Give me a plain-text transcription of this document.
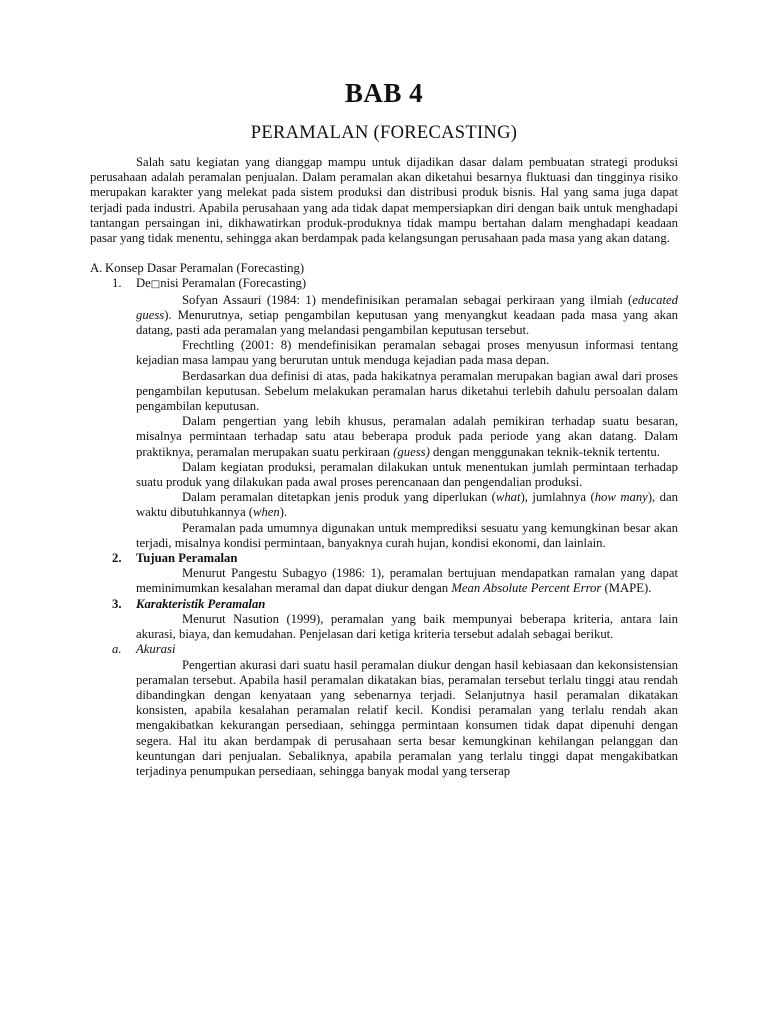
BAB 4
PERAMALAN (FORECASTING)

Salah satu kegiatan yang dianggap mampu untuk dijadikan dasar dalam pembuatan strategi produksi perusahaan adalah peramalan penjualan. Dalam peramalan akan diketahui besarnya fluktuasi dan tingginya risiko merupakan karakter yang melekat pada sistem produksi dan distribusi produk bisnis. Hal yang sama juga dapat terjadi pada industri. Apabila perusahaan yang ada tidak dapat mempersiapkan diri dengan baik untuk menghadapi tantangan persaingan ini, dikhawatirkan produk-produknya tidak mampu bertahan dalam menghadapi keadaan pasar yang tidak menentu, sehingga akan berdampak pada kelangsungan perusahaan pada masa yang akan datang.

A. Konsep Dasar Peramalan (Forecasting)
1.	De□nisi Peramalan (Forecasting)

Sofyan Assauri (1984: 1) mendefinisikan peramalan sebagai perkiraan yang ilmiah (educated guess). Menurutnya, setiap pengambilan keputusan yang menyangkut keadaan pada masa yang akan datang, pasti ada peramalan yang melandasi pengambilan keputusan tersebut.

Frechtling (2001: 8) mendefinisikan peramalan sebagai proses menyusun informasi tentang kejadian masa lampau yang berurutan untuk menduga kejadian pada masa depan.

Berdasarkan dua definisi di atas, pada hakikatnya peramalan merupakan bagian awal dari proses pengambilan keputusan. Sebelum melakukan peramalan harus diketahui terlebih dahulu persoalan dalam pengambilan keputusan.

Dalam pengertian yang lebih khusus, peramalan adalah pemikiran terhadap suatu besaran, misalnya permintaan terhadap satu atau beberapa produk pada periode yang akan datang. Dalam praktiknya, peramalan merupakan suatu perkiraan (guess) dengan menggunakan teknik-teknik tertentu.

Dalam kegiatan produksi, peramalan dilakukan untuk menentukan jumlah permintaan terhadap suatu produk yang dilakukan pada awal proses perencanaan dan pengendalian produksi.

Dalam peramalan ditetapkan jenis produk yang diperlukan (what), jumlahnya (how many), dan waktu dibutuhkannya (when).

Peramalan pada umumnya digunakan untuk memprediksi sesuatu yang kemungkinan besar akan terjadi, misalnya kondisi permintaan, banyaknya curah hujan, kondisi ekonomi, dan lainlain.

2.	Tujuan Peramalan

Menurut Pangestu Subagyo (1986: 1), peramalan bertujuan mendapatkan ramalan yang dapat meminimumkan kesalahan meramal dan dapat diukur dengan Mean Absolute Percent Error (MAPE).

3.	Karakteristik Peramalan

Menurut Nasution (1999), peramalan yang baik mempunyai beberapa kriteria, antara lain akurasi, biaya, dan kemudahan. Penjelasan dari ketiga kriteria tersebut adalah sebagai berikut.

a.	Akurasi

Pengertian akurasi dari suatu hasil peramalan diukur dengan hasil kebiasaan dan kekonsistensian peramalan tersebut. Apabila hasil peramalan dikatakan bias, peramalan tersebut terlalu tinggi atau rendah dibandingkan dengan kenyataan yang sebenarnya terjadi. Selanjutnya hasil peramalan dikatakan konsisten, apabila kesalahan peramalan relatif kecil. Kondisi peramalan yang terlalu rendah akan mengakibatkan kekurangan persediaan, sehingga permintaan konsumen tidak dapat dipenuhi dengan segera. Hal itu akan berdampak di perusahaan serta besar kemungkinan kehilangan pelanggan dan keuntungan dari penjualan. Sebaliknya, apabila peramalan yang terlalu tinggi dapat mengakibatkan terjadinya penumpukan persediaan, sehingga banyak modal yang terserap
